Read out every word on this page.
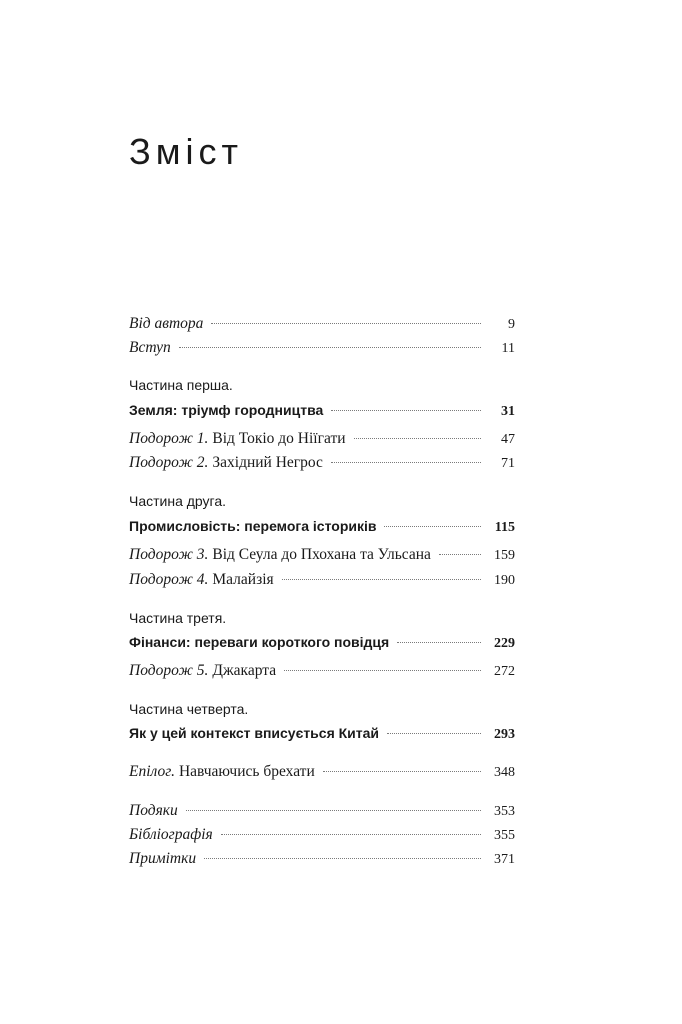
Зміст
Від автора	9
Вступ	11
Частина перша.
Земля: тріумф городництва	31
Подорож 1. Від Токіо до Ніїгати	47
Подорож 2. Західний Негрос	71
Частина друга.
Промисловість: перемога істориків	115
Подорож 3. Від Сеула до Пхохана та Ульсана	159
Подорож 4. Малайзія	190
Частина третя.
Фінанси: переваги короткого повідця	229
Подорож 5. Джакарта	272
Частина четверта.
Як у цей контекст вписується Китай	293
Епілог. Навчаючись брехати	348
Подяки	353
Бібліографія	355
Примітки	371
